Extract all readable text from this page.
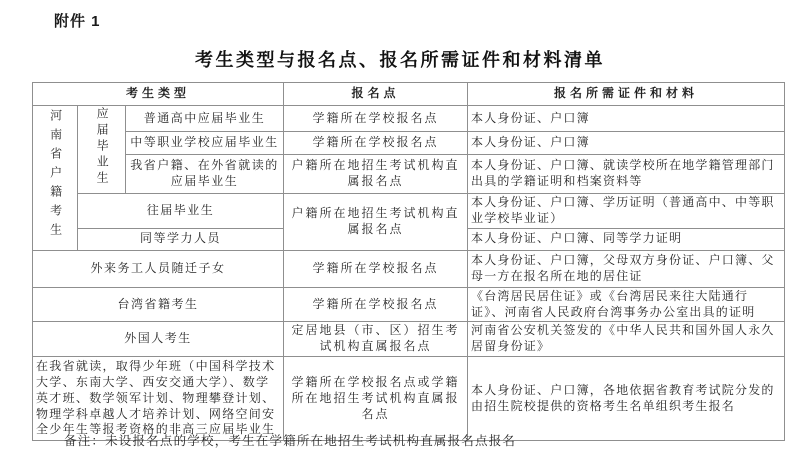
附件 1
考生类型与报名点、报名所需证件和材料清单
考生类型			报名点	报名所需证件和材料
河南省户籍考生	应届毕业生	普通高中应届毕业生	学籍所在学校报名点	本人身份证、户口簿
		中等职业学校应届毕业生	学籍所在学校报名点	本人身份证、户口簿
		我省户籍、在外省就读的应届毕业生	户籍所在地招生考试机构直属报名点	本人身份证、户口簿、就读学校所在地学籍管理部门出具的学籍证明和档案资料等
	往届毕业生		户籍所在地招生考试机构直属报名点	本人身份证、户口簿、学历证明（普通高中、中等职业学校毕业证）
	同等学力人员			本人身份证、户口簿、同等学力证明
外来务工人员随迁子女			学籍所在学校报名点	本人身份证、户口簿，父母双方身份证、户口簿、父母一方在报名所在地的居住证
台湾省籍考生			学籍所在学校报名点	《台湾居民居住证》或《台湾居民来往大陆通行证》、河南省人民政府台湾事务办公室出具的证明
外国人考生			定居地县（市、区）招生考试机构直属报名点	河南省公安机关签发的《中华人民共和国外国人永久居留身份证》
在我省就读，取得少年班（中国科学技术大学、东南大学、西安交通大学）、数学英才班、数学领军计划、物理攀登计划、物理学科卓越人才培养计划、网络空间安全少年生等报考资格的非高三应届毕业生			学籍所在学校报名点或学籍所在地招生考试机构直属报名点	本人身份证、户口簿，各地依据省教育考试院分发的由招生院校提供的资格考生名单组织考生报名
备注：未设报名点的学校，考生在学籍所在地招生考试机构直属报名点报名
